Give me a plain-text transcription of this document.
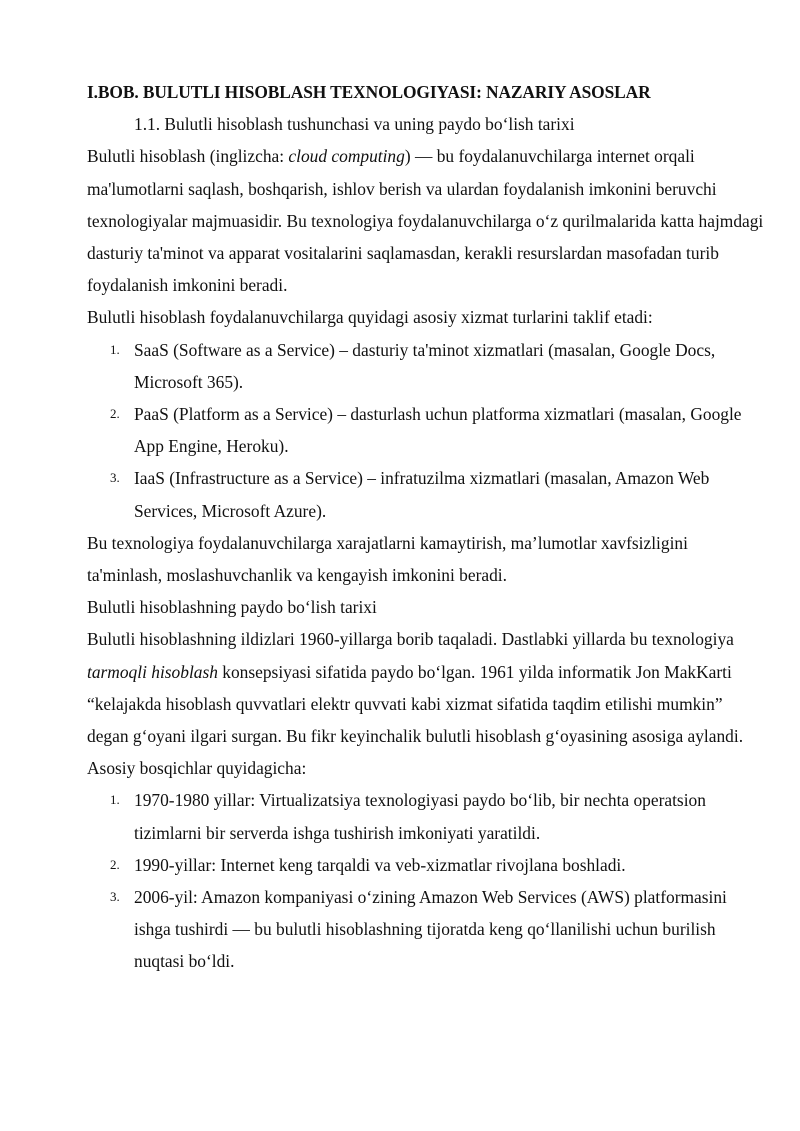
I.BOB. BULUTLI HISOBLASH TEXNOLOGIYASI: NAZARIY ASOSLAR

1.1. Bulutli hisoblash tushunchasi va uning paydo bo‘lish tarixi

Bulutli hisoblash (inglizcha: cloud computing) — bu foydalanuvchilarga internet orqali ma'lumotlarni saqlash, boshqarish, ishlov berish va ulardan foydalanish imkonini beruvchi texnologiyalar majmuasidir. Bu texnologiya foydalanuvchilarga o‘z qurilmalarida katta hajmdagi dasturiy ta'minot va apparat vositalarini saqlamasdan, kerakli resurslardan masofadan turib foydalanish imkonini beradi.

Bulutli hisoblash foydalanuvchilarga quyidagi asosiy xizmat turlarini taklif etadi:

1. SaaS (Software as a Service) – dasturiy ta'minot xizmatlari (masalan, Google Docs, Microsoft 365).
2. PaaS (Platform as a Service) – dasturlash uchun platforma xizmatlari (masalan, Google App Engine, Heroku).
3. IaaS (Infrastructure as a Service) – infratuzilma xizmatlari (masalan, Amazon Web Services, Microsoft Azure).

Bu texnologiya foydalanuvchilarga xarajatlarni kamaytirish, ma’lumotlar xavfsizligini ta'minlash, moslashuvchanlik va kengayish imkonini beradi.

Bulutli hisoblashning paydo bo‘lish tarixi

Bulutli hisoblashning ildizlari 1960-yillarga borib taqaladi. Dastlabki yillarda bu texnologiya tarmoqli hisoblash konsepsiyasi sifatida paydo bo‘lgan. 1961 yilda informatik Jon MakKarti “kelajakda hisoblash quvvatlari elektr quvvati kabi xizmat sifatida taqdim etilishi mumkin” degan g‘oyani ilgari surgan. Bu fikr keyinchalik bulutli hisoblash g‘oyasining asosiga aylandi.

Asosiy bosqichlar quyidagicha:

1. 1970-1980 yillar: Virtualizatsiya texnologiyasi paydo bo‘lib, bir nechta operatsion tizimlarni bir serverda ishga tushirish imkoniyati yaratildi.
2. 1990-yillar: Internet keng tarqaldi va veb-xizmatlar rivojlana boshladi.
3. 2006-yil: Amazon kompaniyasi o‘zining Amazon Web Services (AWS) platformasini ishga tushirdi — bu bulutli hisoblashning tijoratda keng qo‘llanilishi uchun burilish nuqtasi bo‘ldi.
